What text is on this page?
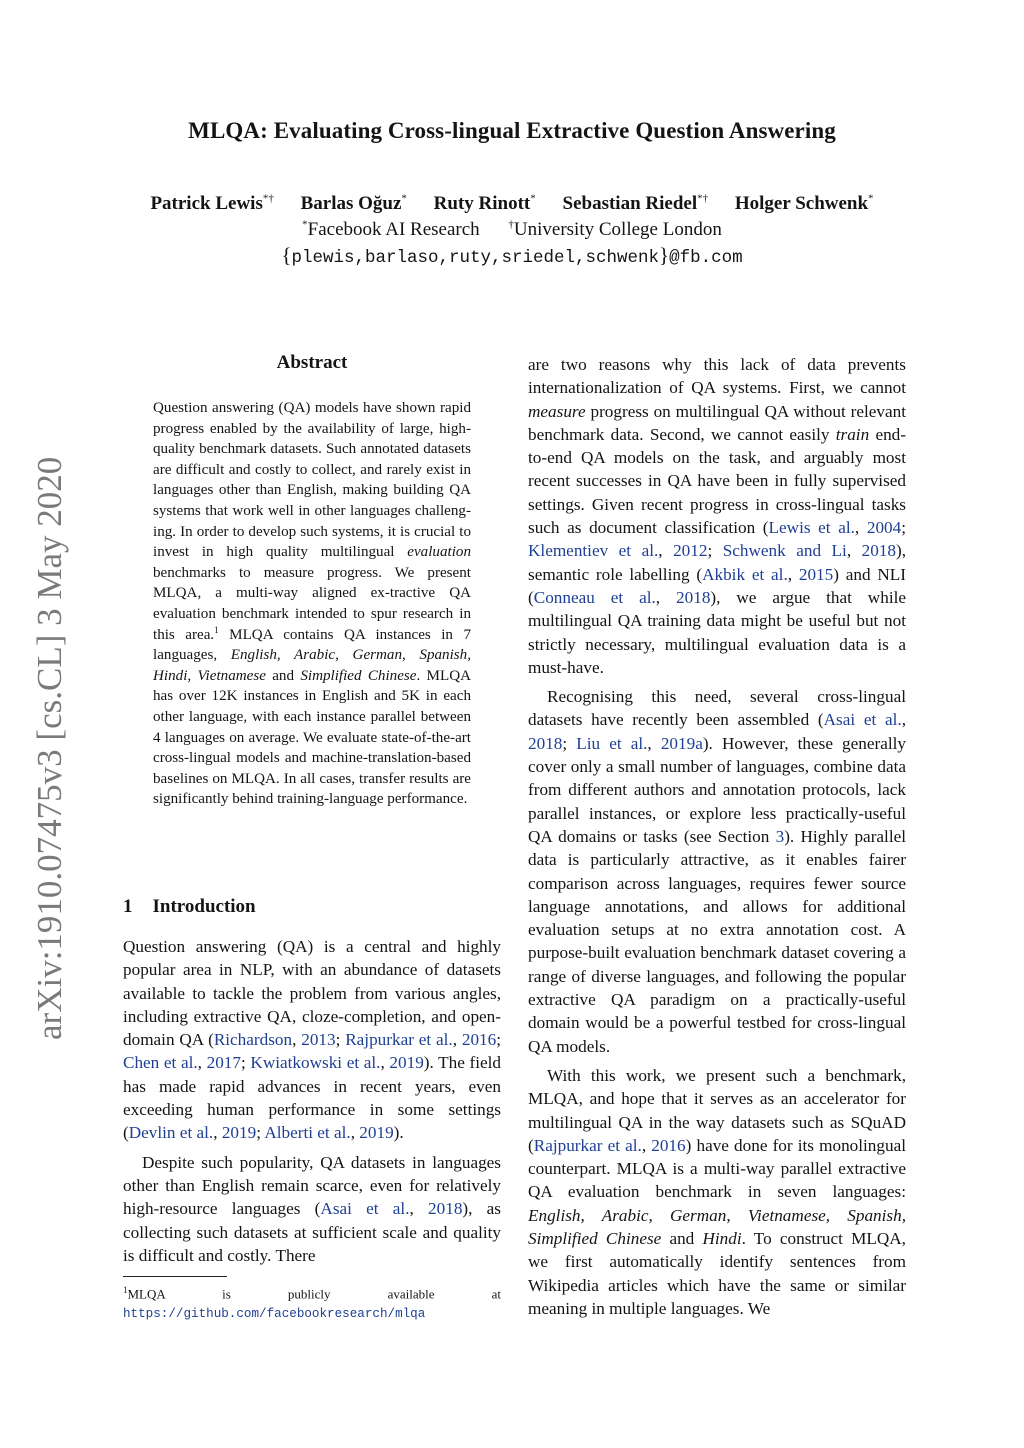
arXiv:1910.07475v3 [cs.CL] 3 May 2020
MLQA: Evaluating Cross-lingual Extractive Question Answering
Patrick Lewis*† Barlas Oğuz* Ruty Rinott* Sebastian Riedel*† Holger Schwenk*
*Facebook AI Research	†University College London
{plewis,barlaso,ruty,sriedel,schwenk}@fb.com
Abstract

Question answering (QA) models have shown rapid progress enabled by the availability of large, high-quality benchmark datasets. Such annotated datasets are difficult and costly to collect, and rarely exist in languages other than English, making building QA systems that work well in other languages challeng-ing. In order to develop such systems, it is crucial to invest in high quality multilingual evaluation benchmarks to measure progress. We present MLQA, a multi-way aligned ex-tractive QA evaluation benchmark intended to spur research in this area.$^1$ MLQA contains QA instances in 7 languages, English, Arabic, German, Spanish, Hindi, Vietnamese and Simplified Chinese. MLQA has over 12K instances in English and 5K in each other language, with each instance parallel between 4 languages on average. We evaluate state-of-the-art cross-lingual models and machine-translation-based baselines on MLQA. In all cases, transfer results are significantly behind training-language performance.

1 Introduction

Question answering (QA) is a central and highly popular area in NLP, with an abundance of datasets available to tackle the problem from various angles, including extractive QA, cloze-completion, and open-domain QA (Richardson, 2013; Rajpurkar et al., 2016; Chen et al., 2017; Kwiatkowski et al., 2019). The field has made rapid advances in recent years, even exceeding human performance in some settings (Devlin et al., 2019; Alberti et al., 2019).

Despite such popularity, QA datasets in languages other than English remain scarce, even for relatively high-resource languages (Asai et al., 2018), as collecting such datasets at sufficient scale and quality is difficult and costly. There

$^1$MLQA is publicly available at https://github.com/facebookresearch/mlqa

are two reasons why this lack of data prevents internationalization of QA systems. First, we cannot measure progress on multilingual QA without relevant benchmark data. Second, we cannot easily train end-to-end QA models on the task, and arguably most recent successes in QA have been in fully supervised settings. Given recent progress in cross-lingual tasks such as document classification (Lewis et al., 2004; Klementiev et al., 2012; Schwenk and Li, 2018), semantic role labelling (Akbik et al., 2015) and NLI (Conneau et al., 2018), we argue that while multilingual QA training data might be useful but not strictly necessary, multilingual evaluation data is a must-have.

Recognising this need, several cross-lingual datasets have recently been assembled (Asai et al., 2018; Liu et al., 2019a). However, these generally cover only a small number of languages, combine data from different authors and annotation protocols, lack parallel instances, or explore less practically-useful QA domains or tasks (see Section 3). Highly parallel data is particularly attractive, as it enables fairer comparison across languages, requires fewer source language annotations, and allows for additional evaluation setups at no extra annotation cost. A purpose-built evaluation benchmark dataset covering a range of diverse languages, and following the popular extractive QA paradigm on a practically-useful domain would be a powerful testbed for cross-lingual QA models.

With this work, we present such a benchmark, MLQA, and hope that it serves as an accelerator for multilingual QA in the way datasets such as SQuAD (Rajpurkar et al., 2016) have done for its monolingual counterpart. MLQA is a multi-way parallel extractive QA evaluation benchmark in seven languages: English, Arabic, German, Vietnamese, Spanish, Simplified Chinese and Hindi. To construct MLQA, we first automatically identify sentences from Wikipedia articles which have the same or similar meaning in multiple languages. We
